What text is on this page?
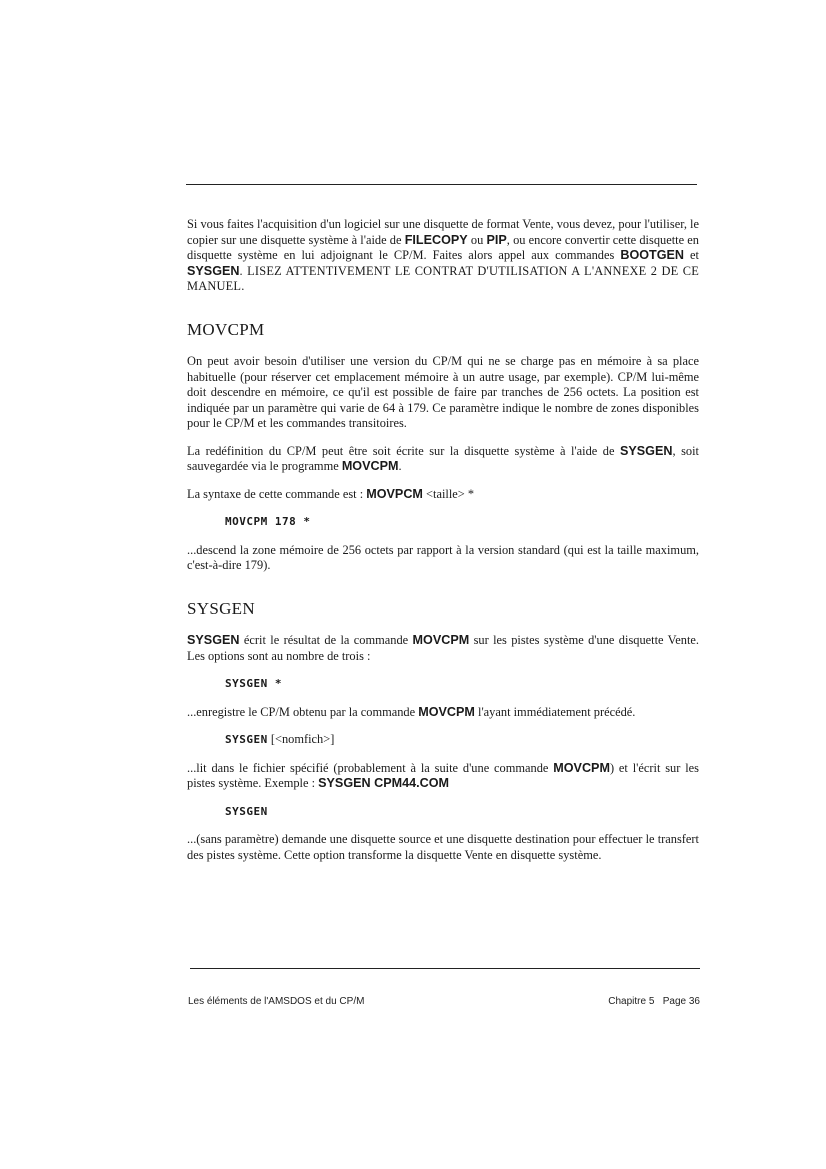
Si vous faites l'acquisition d'un logiciel sur une disquette de format Vente, vous devez, pour l'utiliser, le copier sur une disquette système à l'aide de FILECOPY ou PIP, ou encore convertir cette disquette en disquette système en lui adjoignant le CP/M. Faites alors appel aux commandes BOOTGEN et SYSGEN. LISEZ ATTENTIVEMENT LE CONTRAT D'UTILISATION A L'ANNEXE 2 DE CE MANUEL.

MOVCPM

On peut avoir besoin d'utiliser une version du CP/M qui ne se charge pas en mémoire à sa place habituelle (pour réserver cet emplacement mémoire à un autre usage, par exemple). CP/M lui-même doit descendre en mémoire, ce qu'il est possible de faire par tranches de 256 octets. La position est indiquée par un paramètre qui varie de 64 à 179. Ce paramètre indique le nombre de zones disponibles pour le CP/M et les commandes transitoires.

La redéfinition du CP/M peut être soit écrite sur la disquette système à l'aide de SYSGEN, soit sauvegardée via le programme MOVCPM.

La syntaxe de cette commande est : MOVPCM <taille> *

MOVCPM 178 *

...descend la zone mémoire de 256 octets par rapport à la version standard (qui est la taille maximum, c'est-à-dire 179).

SYSGEN

SYSGEN écrit le résultat de la commande MOVCPM sur les pistes système d'une disquette Vente. Les options sont au nombre de trois :

SYSGEN *

...enregistre le CP/M obtenu par la commande MOVCPM l'ayant immédiatement précédé.

SYSGEN [<nomfich>]

...lit dans le fichier spécifié (probablement à la suite d'une commande MOVCPM) et l'écrit sur les pistes système. Exemple : SYSGEN CPM44.COM

SYSGEN

...(sans paramètre) demande une disquette source et une disquette destination pour effectuer le transfert des pistes système. Cette option transforme la disquette Vente en disquette système.

Les éléments de l'AMSDOS et du CP/M	Chapitre 5   Page 36
